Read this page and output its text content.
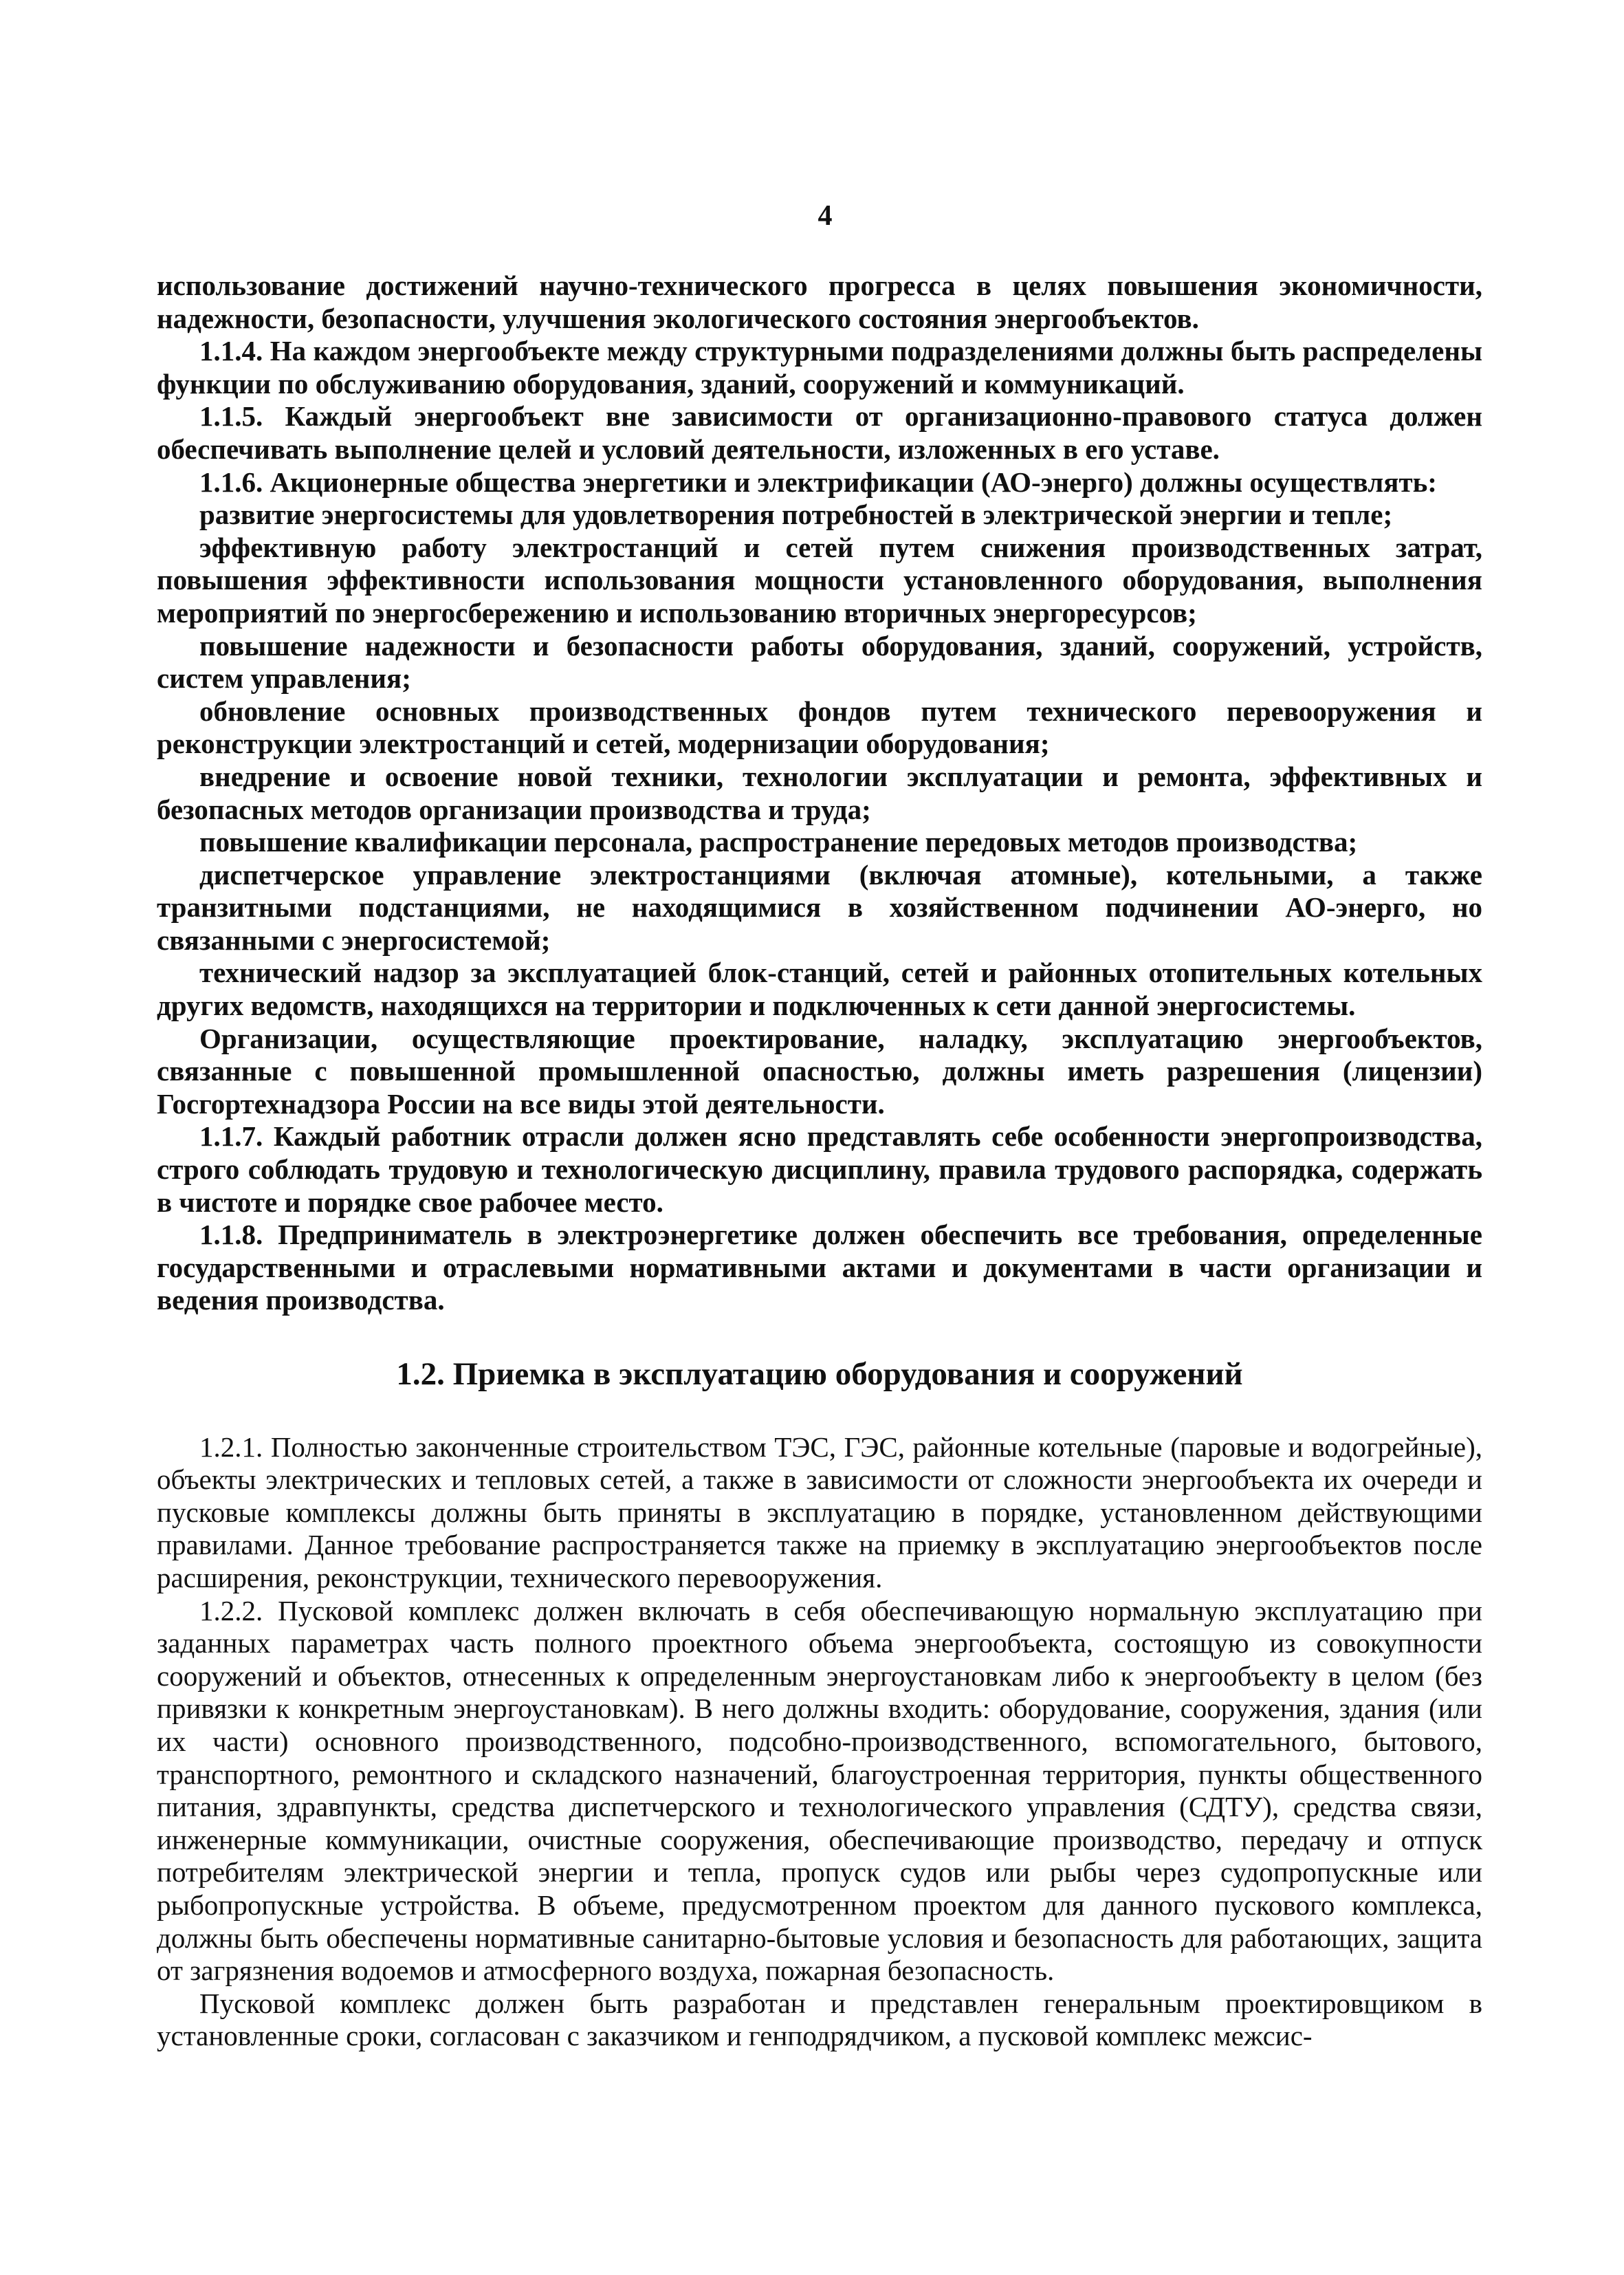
4

использование достижений научно-технического прогресса в целях повышения экономичности, надежности, безопасности, улучшения экологического состояния энергообъектов.

1.1.4. На каждом энергообъекте между структурными подразделениями должны быть распределены функции по обслуживанию оборудования, зданий, сооружений и коммуникаций.

1.1.5. Каждый энергообъект вне зависимости от организационно-правового статуса должен обеспечивать выполнение целей и условий деятельности, изложенных в его уставе.

1.1.6. Акционерные общества энергетики и электрификации (АО-энерго) должны осуществлять:

развитие энергосистемы для удовлетворения потребностей в электрической энергии и тепле;

эффективную работу электростанций и сетей путем снижения производственных затрат, повышения эффективности использования мощности установленного оборудования, выполнения мероприятий по энергосбережению и использованию вторичных энергоресурсов;

повышение надежности и безопасности работы оборудования, зданий, сооружений, устройств, систем управления;

обновление основных производственных фондов путем технического перевооружения и реконструкции электростанций и сетей, модернизации оборудования;

внедрение и освоение новой техники, технологии эксплуатации и ремонта, эффективных и безопасных методов организации производства и труда;

повышение квалификации персонала, распространение передовых методов производства;

диспетчерское управление электростанциями (включая атомные), котельными, а также транзитными подстанциями, не находящимися в хозяйственном подчинении АО-энерго, но связанными с энергосистемой;

технический надзор за эксплуатацией блок-станций, сетей и районных отопительных котельных других ведомств, находящихся на территории и подключенных к сети данной энергосистемы.

Организации, осуществляющие проектирование, наладку, эксплуатацию энергообъектов, связанные с повышенной промышленной опасностью, должны иметь разрешения (лицензии) Госгортехнадзора России на все виды этой деятельности.

1.1.7. Каждый работник отрасли должен ясно представлять себе особенности энергопроизводства, строго соблюдать трудовую и технологическую дисциплину, правила трудового распорядка, содержать в чистоте и порядке свое рабочее место.

1.1.8. Предприниматель в электроэнергетике должен обеспечить все требования, определенные государственными и отраслевыми нормативными актами и документами в части организации и ведения производства.

1.2. Приемка в эксплуатацию оборудования и сооружений

1.2.1. Полностью законченные строительством ТЭС, ГЭС, районные котельные (паровые и водогрейные), объекты электрических и тепловых сетей, а также в зависимости от сложности энергообъекта их очереди и пусковые комплексы должны быть приняты в эксплуатацию в порядке, установленном действующими правилами. Данное требование распространяется также на приемку в эксплуатацию энергообъектов после расширения, реконструкции, технического перевооружения.

1.2.2. Пусковой комплекс должен включать в себя обеспечивающую нормальную эксплуатацию при заданных параметрах часть полного проектного объема энергообъекта, состоящую из совокупности сооружений и объектов, отнесенных к определенным энергоустановкам либо к энергообъекту в целом (без привязки к конкретным энергоустановкам). В него должны входить: оборудование, сооружения, здания (или их части) основного производственного, подсобно-производственного, вспомогательного, бытового, транспортного, ремонтного и складского назначений, благоустроенная территория, пункты общественного питания, здравпункты, средства диспетчерского и технологического управления (СДТУ), средства связи, инженерные коммуникации, очистные сооружения, обеспечивающие производство, передачу и отпуск потребителям электрической энергии и тепла, пропуск судов или рыбы через судопропускные или рыбопропускные устройства. В объеме, предусмотренном проектом для данного пускового комплекса, должны быть обеспечены нормативные санитарно-бытовые условия и безопасность для работающих, защита от загрязнения водоемов и атмосферного воздуха, пожарная безопасность.

Пусковой комплекс должен быть разработан и представлен генеральным проектировщиком в установленные сроки, согласован с заказчиком и генподрядчиком, а пусковой комплекс межсис-
